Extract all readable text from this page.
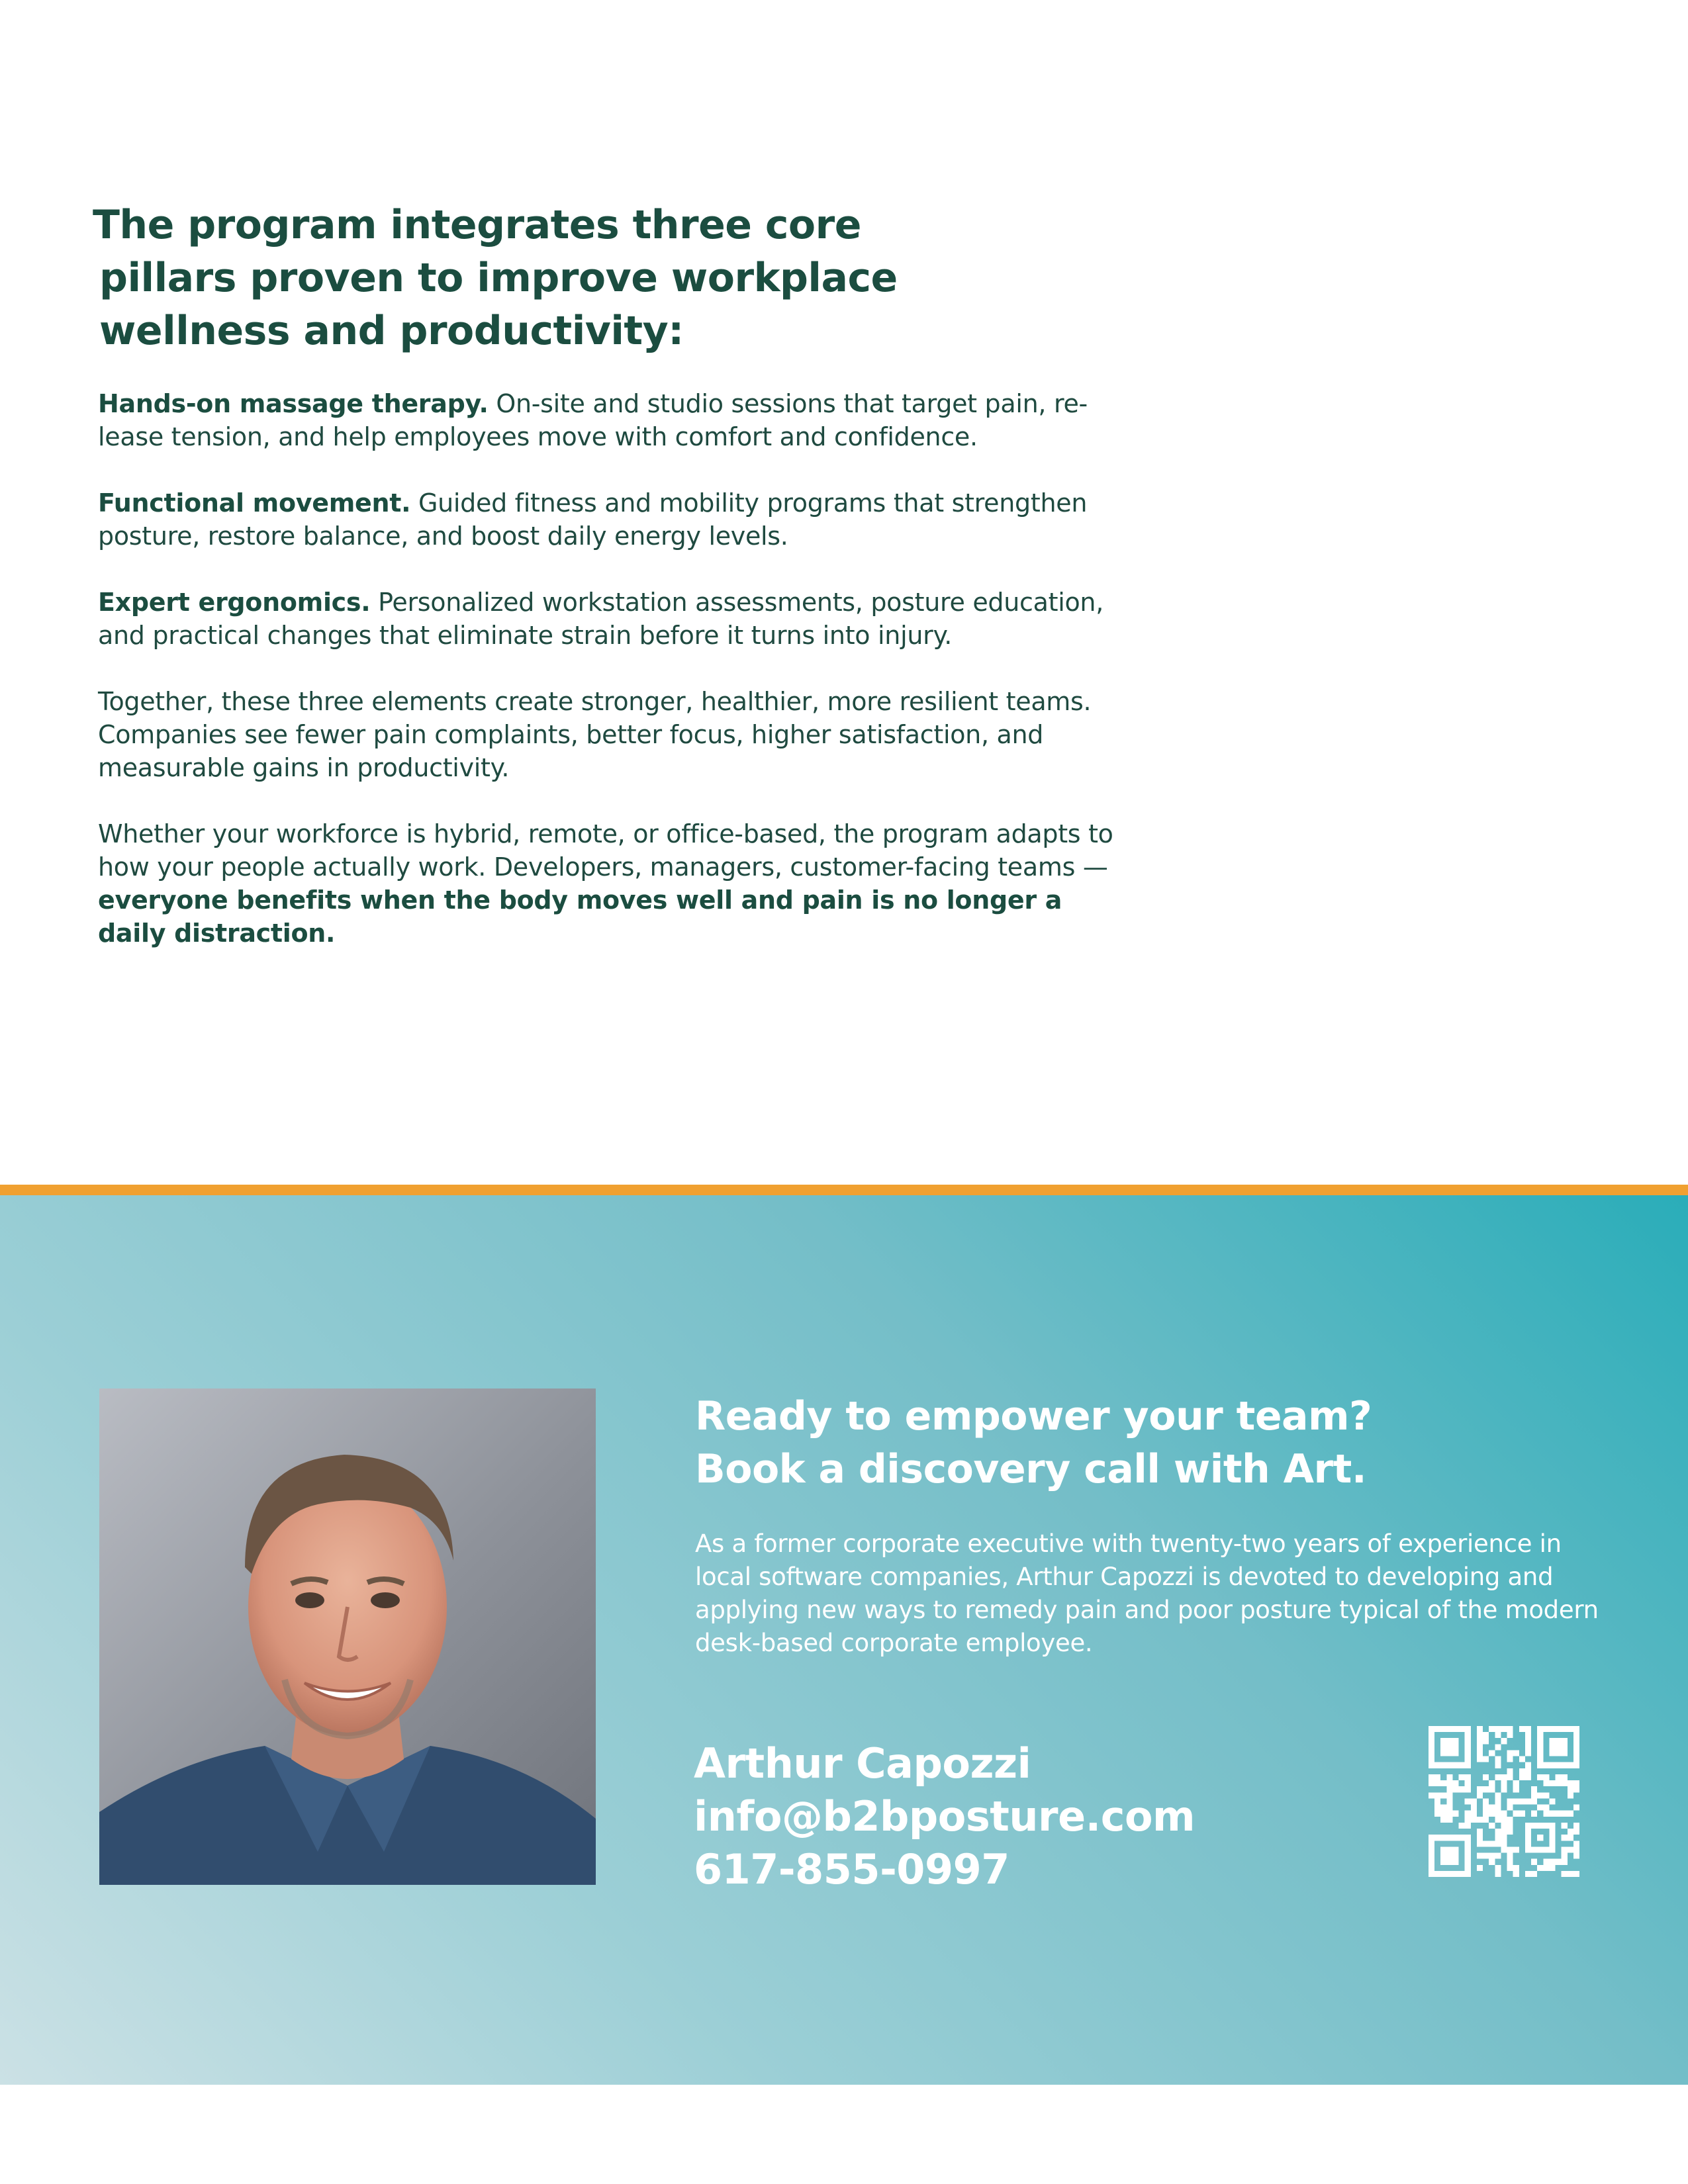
The program integrates three core
pillars proven to improve workplace
wellness and productivity:

Hands-on massage therapy. On-site and studio sessions that target pain, re-lease tension, and help employees move with comfort and confidence.

Functional movement. Guided fitness and mobility programs that strengthen posture, restore balance, and boost daily energy levels.

Expert ergonomics. Personalized workstation assessments, posture education, and practical changes that eliminate strain before it turns into injury.

Together, these three elements create stronger, healthier, more resilient teams. Companies see fewer pain complaints, better focus, higher satisfaction, and measurable gains in productivity.

Whether your workforce is hybrid, remote, or office-based, the program adapts to how your people actually work. Developers, managers, customer-facing teams — everyone benefits when the body moves well and pain is no longer a daily distraction.

Ready to empower your team?
Book a discovery call with Art.

As a former corporate executive with twenty-two years of experience in local software companies, Arthur Capozzi is devoted to developing and applying new ways to remedy pain and poor posture typical of the modern desk-based corporate employee.

Arthur Capozzi
info@b2bposture.com
617-855-0997
